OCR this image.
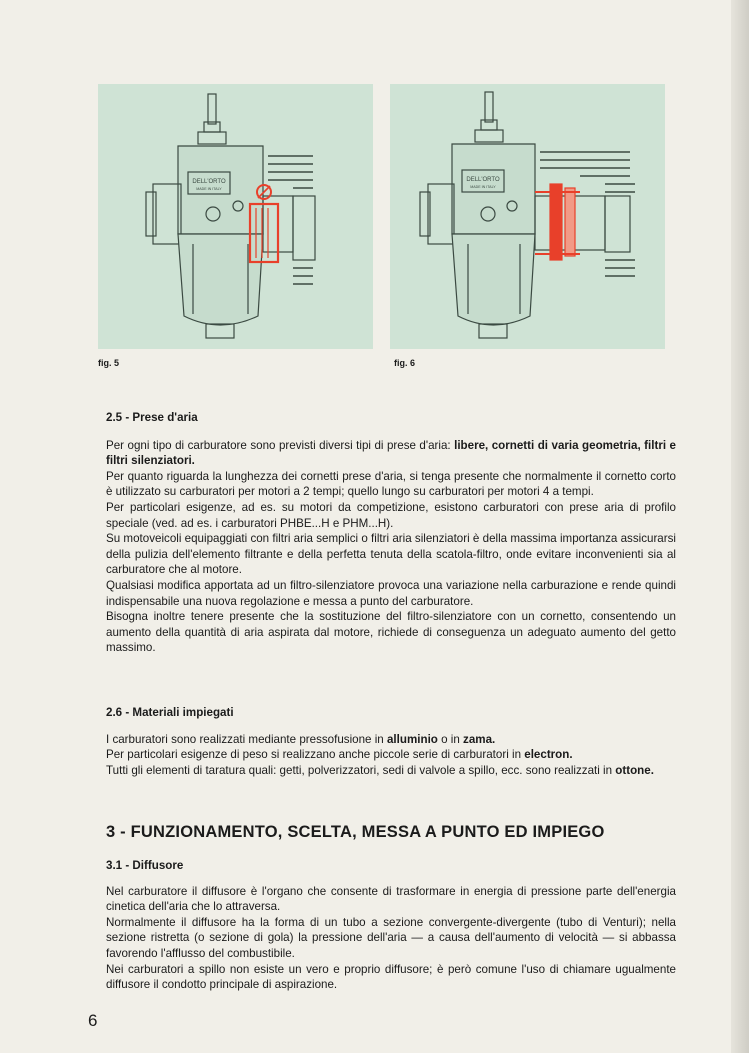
DELL'ORTO
MADE IN ITALY
fig. 5
DELL'ORTO
MADE IN ITALY
fig. 6

2.5 - Prese d'aria

Per ogni tipo di carburatore sono previsti diversi tipi di prese d'aria: libere, cornetti di varia geometria, filtri e filtri silenziatori.

Per quanto riguarda la lunghezza dei cornetti prese d'aria, si tenga presente che normalmente il cornetto corto è utilizzato su carburatori per motori a 2 tempi; quello lungo su carburatori per motori 4 a tempi.

Per particolari esigenze, ad es. su motori da competizione, esistono carburatori con prese aria di profilo speciale (ved. ad es. i carburatori PHBE...H e PHM...H).

Su motoveicoli equipaggiati con filtri aria semplici o filtri aria silenziatori è della massima importanza assicurarsi della pulizia dell'elemento filtrante e della perfetta tenuta della scatola-filtro, onde evitare inconvenienti sia al carburatore che al motore.

Qualsiasi modifica apportata ad un filtro-silenziatore provoca una variazione nella carburazione e rende quindi indispensabile una nuova regolazione e messa a punto del carburatore.

Bisogna inoltre tenere presente che la sostituzione del filtro-silenziatore con un cornetto, consentendo un aumento della quantità di aria aspirata dal motore, richiede di conseguenza un adeguato aumento del getto massimo.

2.6 - Materiali impiegati

I carburatori sono realizzati mediante pressofusione in alluminio o in zama.

Per particolari esigenze di peso si realizzano anche piccole serie di carburatori in electron.

Tutti gli elementi di taratura quali: getti, polverizzatori, sedi di valvole a spillo, ecc. sono realizzati in ottone.

3 - FUNZIONAMENTO, SCELTA, MESSA A PUNTO ED IMPIEGO

3.1 - Diffusore

Nel carburatore il diffusore è l'organo che consente di trasformare in energia di pressione parte dell'energia cinetica dell'aria che lo attraversa.

Normalmente il diffusore ha la forma di un tubo a sezione convergente-divergente (tubo di Venturi); nella sezione ristretta (o sezione di gola) la pressione dell'aria — a causa dell'aumento di velocità — si abbassa favorendo l'afflusso del combustibile.

Nei carburatori a spillo non esiste un vero e proprio diffusore; è però comune l'uso di chiamare ugualmente diffusore il condotto principale di aspirazione.

6
